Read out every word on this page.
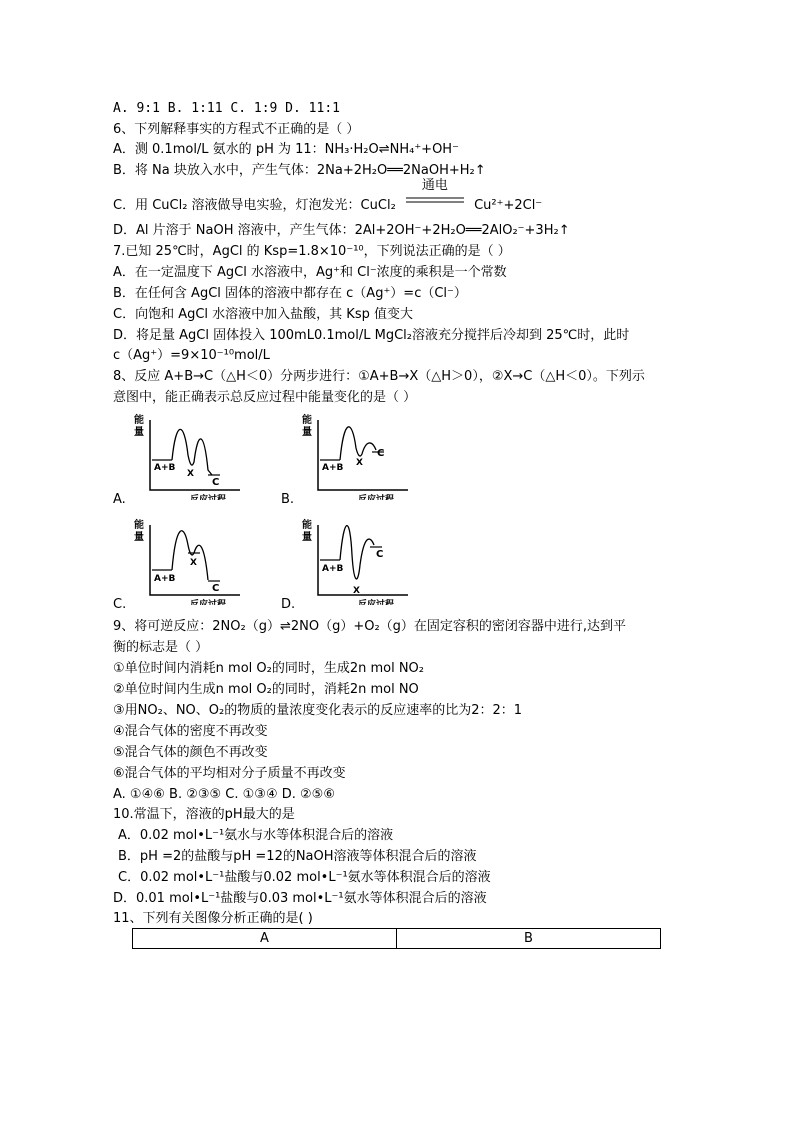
A. 9:1 B. 1:11 C. 1:9 D. 11:1
6、下列解释事实的方程式不正确的是（ ）
A．测 0.1mol/L 氨水的 pH 为 11：NH₃·H₂O⇌NH₄⁺+OH⁻
B．将 Na 块放入水中，产生气体：2Na+2H₂O══2NaOH+H₂↑
C．用 CuCl₂ 溶液做导电实验，灯泡发光：CuCl₂
通电
Cu²⁺+2Cl⁻
D．Al 片溶于 NaOH 溶液中，产生气体：2Al+2OH⁻+2H₂O══2AlO₂⁻+3H₂↑
7.已知 25℃时，AgCl 的 Ksp=1.8×10⁻¹⁰，下列说法正确的是（ ）
A．在一定温度下 AgCl 水溶液中，Ag⁺和 Cl⁻浓度的乘积是一个常数
B．在任何含 AgCl 固体的溶液中都存在 c（Ag⁺）=c（Cl⁻）
C．向饱和 AgCl 水溶液中加入盐酸，其 Ksp 值变大
D．将足量 AgCl 固体投入 100mL0.1mol/L MgCl₂溶液充分搅拌后冷却到 25℃时，此时
c（Ag⁺）=9×10⁻¹⁰mol/L
8、反应 A+B→C（△H＜0）分两步进行：①A+B→X（△H＞0），②X→C（△H＜0）。下列示
意图中，能正确表示总反应过程中能量变化的是（ ）
能
量
A+B
X
C
反应过程
A.
能
量
A+B X
C
反应过程
B.
能
量
A+B
X
C
反应过程
C.
能
量
A+B
X
C
反应过程
D.
9、将可逆反应：2NO₂（g）⇌2NO（g）+O₂（g）在固定容积的密闭容器中进行,达到平
衡的标志是（ ）
①单位时间内消耗n mol O₂的同时，生成2n mol NO₂
②单位时间内生成n mol O₂的同时，消耗2n mol NO
③用NO₂、NO、O₂的物质的量浓度变化表示的反应速率的比为2：2：1
④混合气体的密度不再改变
⑤混合气体的颜色不再改变
⑥混合气体的平均相对分子质量不再改变
A. ①④⑥ B. ②③⑤ C. ①③④ D. ②⑤⑥
10.常温下，溶液的pH最大的是
A．0.02 mol•L⁻¹氨水与水等体积混合后的溶液
B．pH =2的盐酸与pH =12的NaOH溶液等体积混合后的溶液
C．0.02 mol•L⁻¹盐酸与0.02 mol•L⁻¹氨水等体积混合后的溶液
D．0.01 mol•L⁻¹盐酸与0.03 mol•L⁻¹氨水等体积混合后的溶液
11、下列有关图像分析正确的是( )
A	B
